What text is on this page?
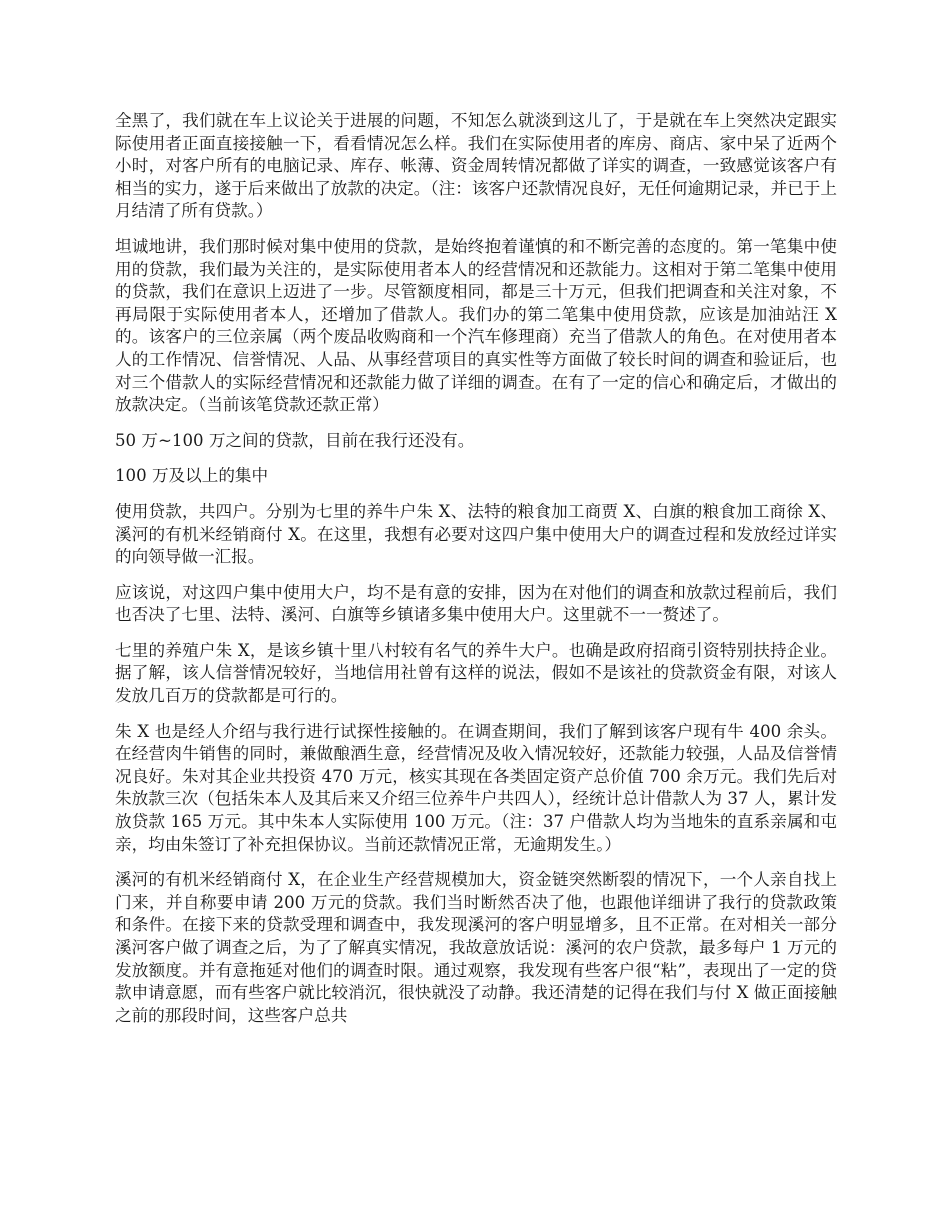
全黑了，我们就在车上议论关于进展的问题，不知怎么就淡到这儿了，于是就在车上突然决定跟实际使用者正面直接接触一下，看看情况怎么样。我们在实际使用者的库房、商店、家中呆了近两个小时，对客户所有的电脑记录、库存、帐薄、资金周转情况都做了详实的调查，一致感觉该客户有相当的实力，遂于后来做出了放款的决定。（注：该客户还款情况良好，无任何逾期记录，并已于上月结清了所有贷款。）

坦诚地讲，我们那时候对集中使用的贷款，是始终抱着谨慎的和不断完善的态度的。第一笔集中使用的贷款，我们最为关注的，是实际使用者本人的经营情况和还款能力。这相对于第二笔集中使用的贷款，我们在意识上迈进了一步。尽管额度相同，都是三十万元，但我们把调查和关注对象，不再局限于实际使用者本人，还增加了借款人。我们办的第二笔集中使用贷款，应该是加油站汪 X 的。该客户的三位亲属（两个废品收购商和一个汽车修理商）充当了借款人的角色。在对使用者本人的工作情况、信誉情况、人品、从事经营项目的真实性等方面做了较长时间的调查和验证后，也对三个借款人的实际经营情况和还款能力做了详细的调查。在有了一定的信心和确定后，才做出的放款决定。（当前该笔贷款还款正常）

50 万~100 万之间的贷款，目前在我行还没有。

100 万及以上的集中

使用贷款，共四户。分别为七里的养牛户朱 X、法特的粮食加工商贾 X、白旗的粮食加工商徐 X、溪河的有机米经销商付 X。在这里，我想有必要对这四户集中使用大户的调查过程和发放经过详实的向领导做一汇报。

应该说，对这四户集中使用大户，均不是有意的安排，因为在对他们的调查和放款过程前后，我们也否决了七里、法特、溪河、白旗等乡镇诸多集中使用大户。这里就不一一赘述了。

七里的养殖户朱 X，是该乡镇十里八村较有名气的养牛大户。也确是政府招商引资特别扶持企业。据了解，该人信誉情况较好，当地信用社曾有这样的说法，假如不是该社的贷款资金有限，对该人发放几百万的贷款都是可行的。

朱 X 也是经人介绍与我行进行试探性接触的。在调查期间，我们了解到该客户现有牛 400 余头。在经营肉牛销售的同时，兼做酿酒生意，经营情况及收入情况较好，还款能力较强，人品及信誉情况良好。朱对其企业共投资 470 万元，核实其现在各类固定资产总价值 700 余万元。我们先后对朱放款三次（包括朱本人及其后来又介绍三位养牛户共四人），经统计总计借款人为 37 人，累计发放贷款 165 万元。其中朱本人实际使用 100 万元。（注：37 户借款人均为当地朱的直系亲属和屯亲，均由朱签订了补充担保协议。当前还款情况正常，无逾期发生。）

溪河的有机米经销商付 X，在企业生产经营规模加大，资金链突然断裂的情况下，一个人亲自找上门来，并自称要申请 200 万元的贷款。我们当时断然否决了他，也跟他详细讲了我行的贷款政策和条件。在接下来的贷款受理和调查中，我发现溪河的客户明显增多，且不正常。在对相关一部分溪河客户做了调查之后，为了了解真实情况，我故意放话说：溪河的农户贷款，最多每户 1 万元的发放额度。并有意拖延对他们的调查时限。通过观察，我发现有些客户很“粘”，表现出了一定的贷款申请意愿，而有些客户就比较消沉，很快就没了动静。我还清楚的记得在我们与付 X 做正面接触之前的那段时间，这些客户总共
